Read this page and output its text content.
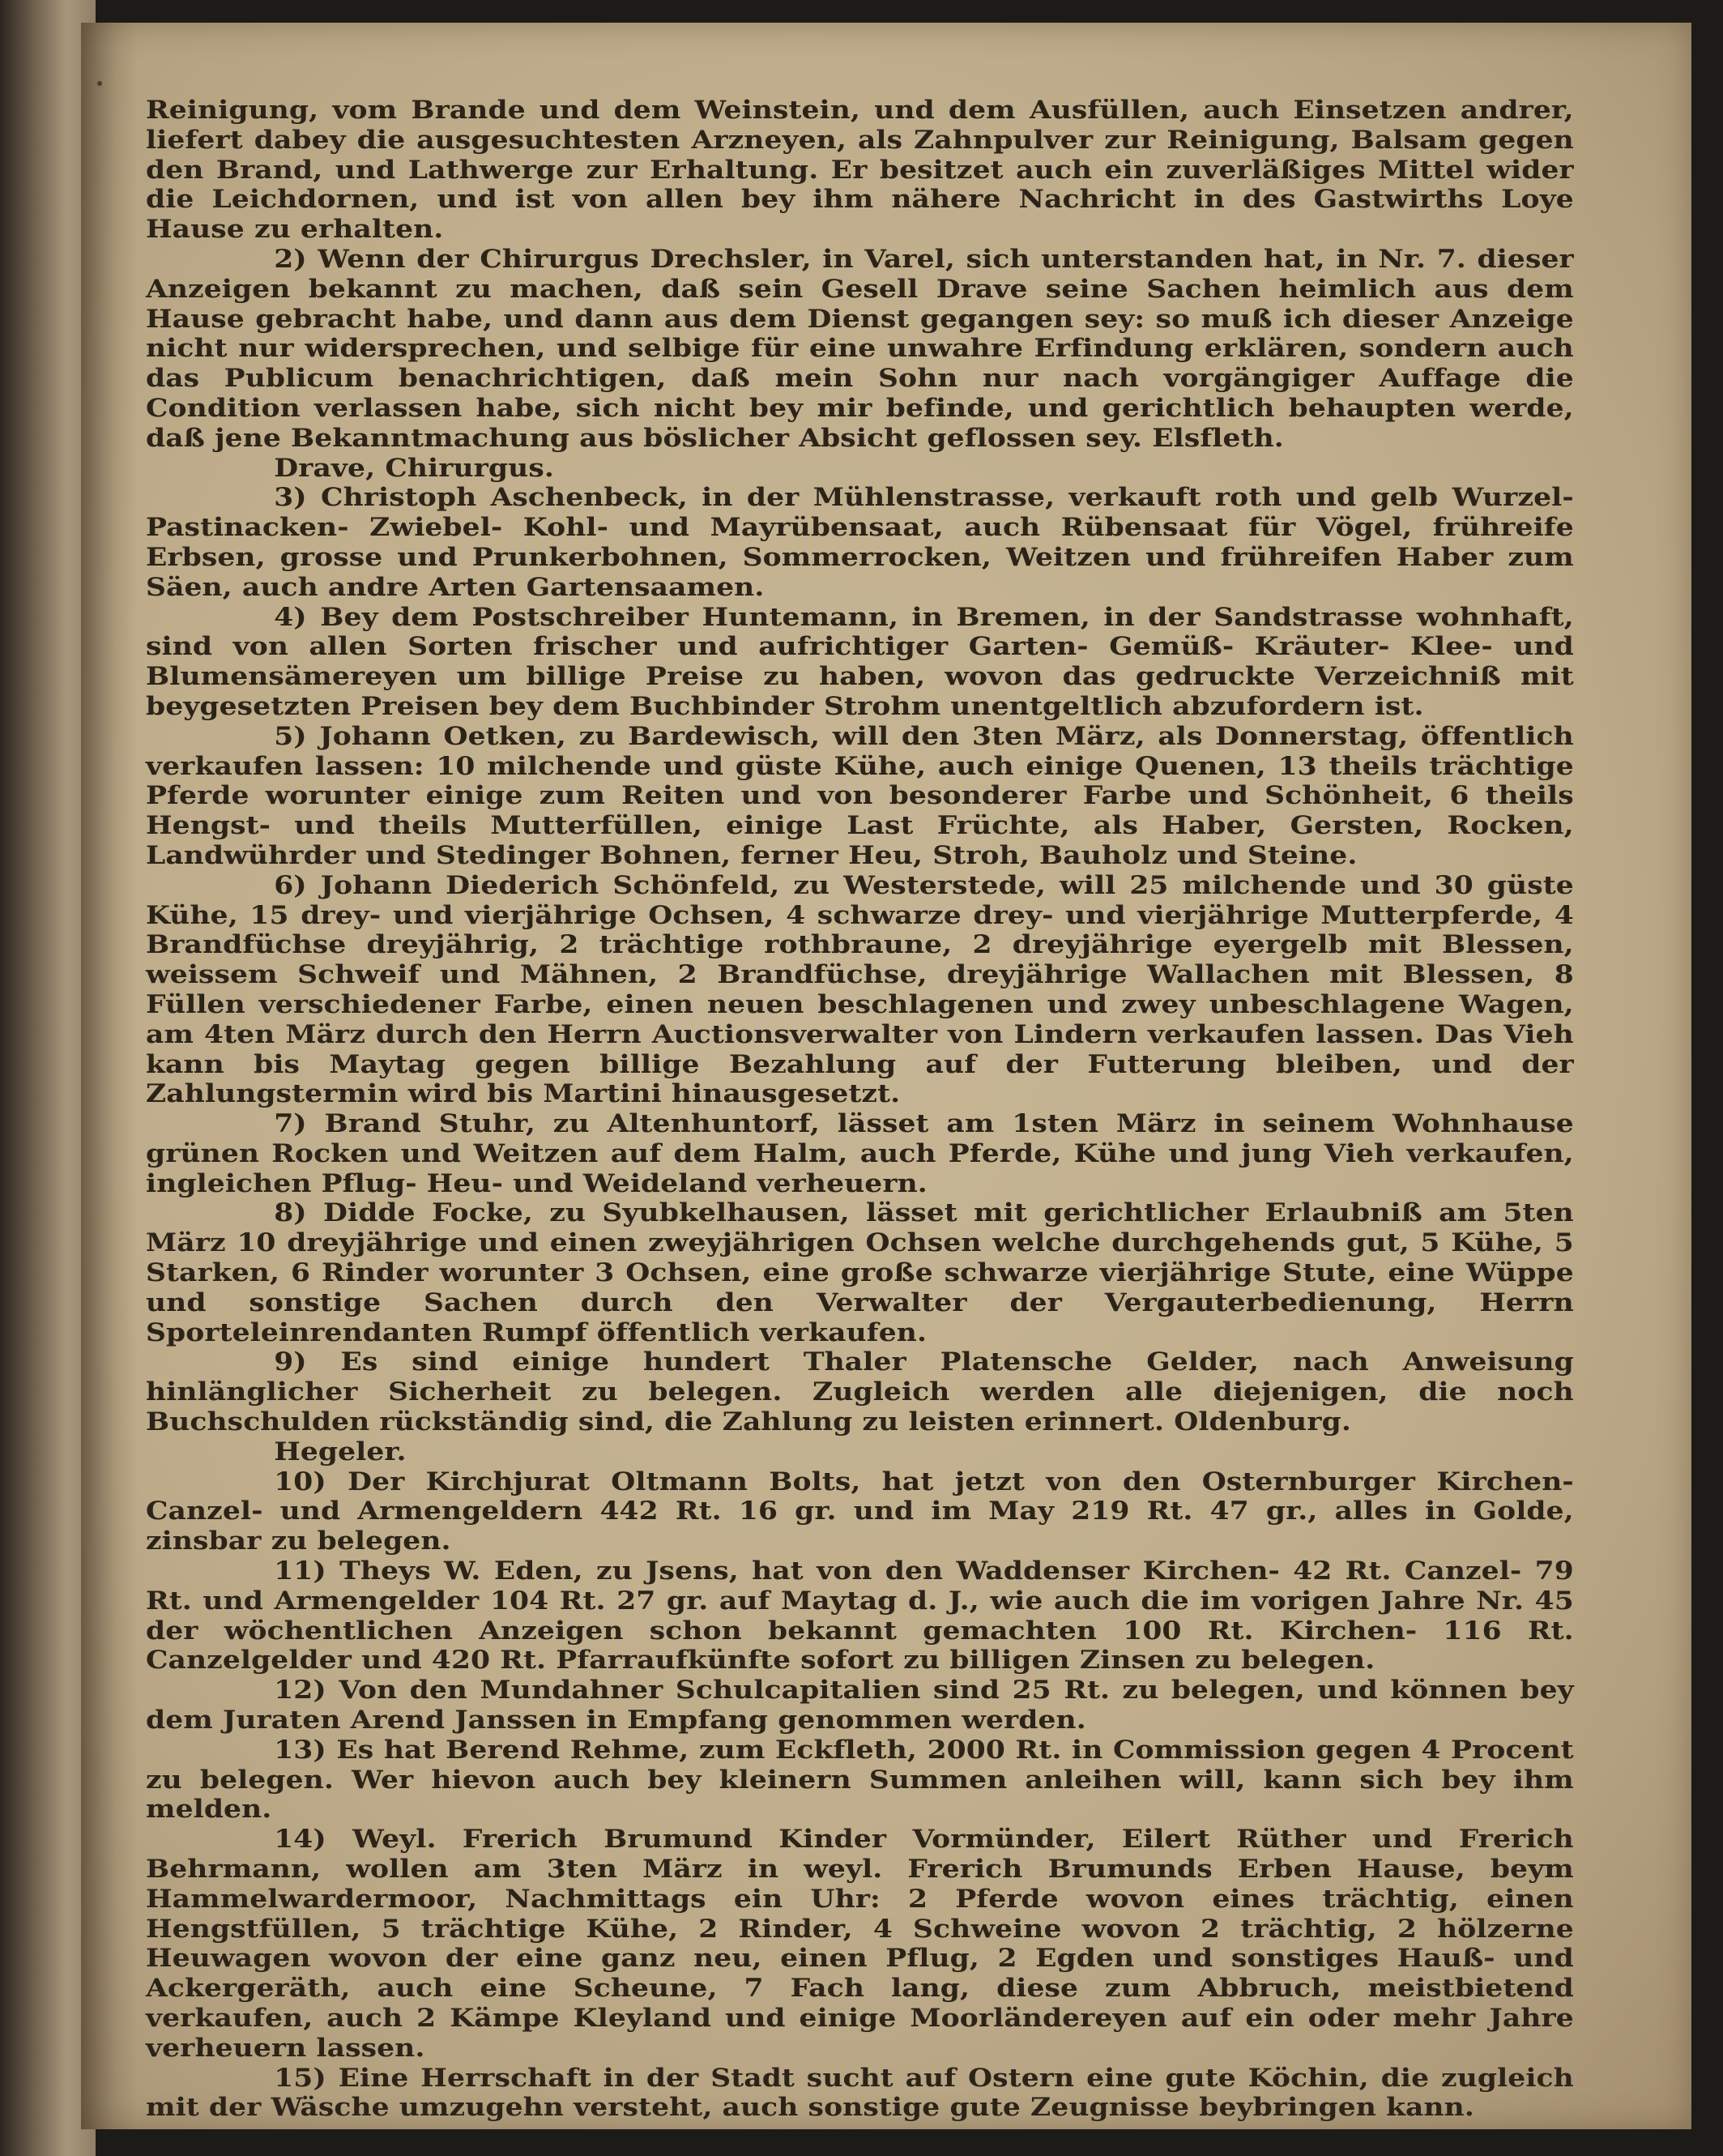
Reinigung, vom Brande und dem Weinstein, und dem Ausfüllen, auch Einsetzen andrer, liefert dabey die ausgesuchtesten Arzneyen, als Zahnpulver zur Reinigung, Balsam gegen den Brand, und Lathwerge zur Erhaltung. Er besitzet auch ein zuverläßiges Mittel wider die Leichdornen, und ist von allen bey ihm nähere Nachricht in des Gastwirths Loye Hause zu erhalten.

2) Wenn der Chirurgus Drechsler, in Varel, sich unterstanden hat, in Nr. 7. dieser Anzeigen bekannt zu machen, daß sein Gesell Drave seine Sachen heimlich aus dem Hause gebracht habe, und dann aus dem Dienst gegangen sey: so muß ich dieser Anzeige nicht nur widersprechen, und selbige für eine unwahre Erfindung erklären, sondern auch das Publicum benachrichtigen, daß mein Sohn nur nach vorgängiger Auffage die Condition verlassen habe, sich nicht bey mir befinde, und gerichtlich behaupten werde, daß jene Bekanntmachung aus böslicher Absicht geflossen sey. Elsfleth.
Drave, Chirurgus.

3) Christoph Aschenbeck, in der Mühlenstrasse, verkauft roth und gelb Wurzel- Pastinacken- Zwiebel- Kohl- und Mayrübensaat, auch Rübensaat für Vögel, frühreife Erbsen, grosse und Prunkerbohnen, Sommerrocken, Weitzen und frühreifen Haber zum Säen, auch andre Arten Gartensaamen.

4) Bey dem Postschreiber Huntemann, in Bremen, in der Sandstrasse wohnhaft, sind von allen Sorten frischer und aufrichtiger Garten- Gemüß- Kräuter- Klee- und Blumensämereyen um billige Preise zu haben, wovon das gedruckte Verzeichniß mit beygesetzten Preisen bey dem Buchbinder Strohm unentgeltlich abzufordern ist.

5) Johann Oetken, zu Bardewisch, will den 3ten März, als Donnerstag, öffentlich verkaufen lassen: 10 milchende und güste Kühe, auch einige Quenen, 13 theils trächtige Pferde worunter einige zum Reiten und von besonderer Farbe und Schönheit, 6 theils Hengst- und theils Mutterfüllen, einige Last Früchte, als Haber, Gersten, Rocken, Landwührder und Stedinger Bohnen, ferner Heu, Stroh, Bauholz und Steine.

6) Johann Diederich Schönfeld, zu Westerstede, will 25 milchende und 30 güste Kühe, 15 drey- und vierjährige Ochsen, 4 schwarze drey- und vierjährige Mutterpferde, 4 Brandfüchse dreyjährig, 2 trächtige rothbraune, 2 dreyjährige eyergelb mit Blessen, weissem Schweif und Mähnen, 2 Brandfüchse, dreyjährige Wallachen mit Blessen, 8 Füllen verschiedener Farbe, einen neuen beschlagenen und zwey unbeschlagene Wagen, am 4ten März durch den Herrn Auctionsverwalter von Lindern verkaufen lassen. Das Vieh kann bis Maytag gegen billige Bezahlung auf der Futterung bleiben, und der Zahlungstermin wird bis Martini hinausgesetzt.

7) Brand Stuhr, zu Altenhuntorf, lässet am 1sten März in seinem Wohnhause grünen Rocken und Weitzen auf dem Halm, auch Pferde, Kühe und jung Vieh verkaufen, ingleichen Pflug- Heu- und Weideland verheuern.

8) Didde Focke, zu Syubkelhausen, lässet mit gerichtlicher Erlaubniß am 5ten März 10 dreyjährige und einen zweyjährigen Ochsen welche durchgehends gut, 5 Kühe, 5 Starken, 6 Rinder worunter 3 Ochsen, eine große schwarze vierjährige Stute, eine Wüppe und sonstige Sachen durch den Verwalter der Vergauterbedienung, Herrn Sporteleinrendanten Rumpf öffentlich verkaufen.

9) Es sind einige hundert Thaler Platensche Gelder, nach Anweisung hinlänglicher Sicherheit zu belegen. Zugleich werden alle diejenigen, die noch Buchschulden rückständig sind, die Zahlung zu leisten erinnert. Oldenburg.
Hegeler.

10) Der Kirchjurat Oltmann Bolts, hat jetzt von den Osternburger Kirchen- Canzel- und Armengeldern 442 Rt. 16 gr. und im May 219 Rt. 47 gr., alles in Golde, zinsbar zu belegen.

11) Theys W. Eden, zu Jsens, hat von den Waddenser Kirchen- 42 Rt. Canzel- 79 Rt. und Armengelder 104 Rt. 27 gr. auf Maytag d. J., wie auch die im vorigen Jahre Nr. 45 der wöchentlichen Anzeigen schon bekannt gemachten 100 Rt. Kirchen- 116 Rt. Canzelgelder und 420 Rt. Pfarraufkünfte sofort zu billigen Zinsen zu belegen.

12) Von den Mundahner Schulcapitalien sind 25 Rt. zu belegen, und können bey dem Juraten Arend Janssen in Empfang genommen werden.

13) Es hat Berend Rehme, zum Eckfleth, 2000 Rt. in Commission gegen 4 Procent zu belegen. Wer hievon auch bey kleinern Summen anleihen will, kann sich bey ihm melden.

14) Weyl. Frerich Brumund Kinder Vormünder, Eilert Rüther und Frerich Behrmann, wollen am 3ten März in weyl. Frerich Brumunds Erben Hause, beym Hammelwardermoor, Nachmittags ein Uhr: 2 Pferde wovon eines trächtig, einen Hengstfüllen, 5 trächtige Kühe, 2 Rinder, 4 Schweine wovon 2 trächtig, 2 hölzerne Heuwagen wovon der eine ganz neu, einen Pflug, 2 Egden und sonstiges Hauß- und Ackergeräth, auch eine Scheune, 7 Fach lang, diese zum Abbruch, meistbietend verkaufen, auch 2 Kämpe Kleyland und einige Moorländereyen auf ein oder mehr Jahre verheuern lassen.

15) Eine Herrschaft in der Stadt sucht auf Ostern eine gute Köchin, die zugleich mit der Wäsche umzugehn versteht, auch sonstige gute Zeugnisse beybringen kann.
